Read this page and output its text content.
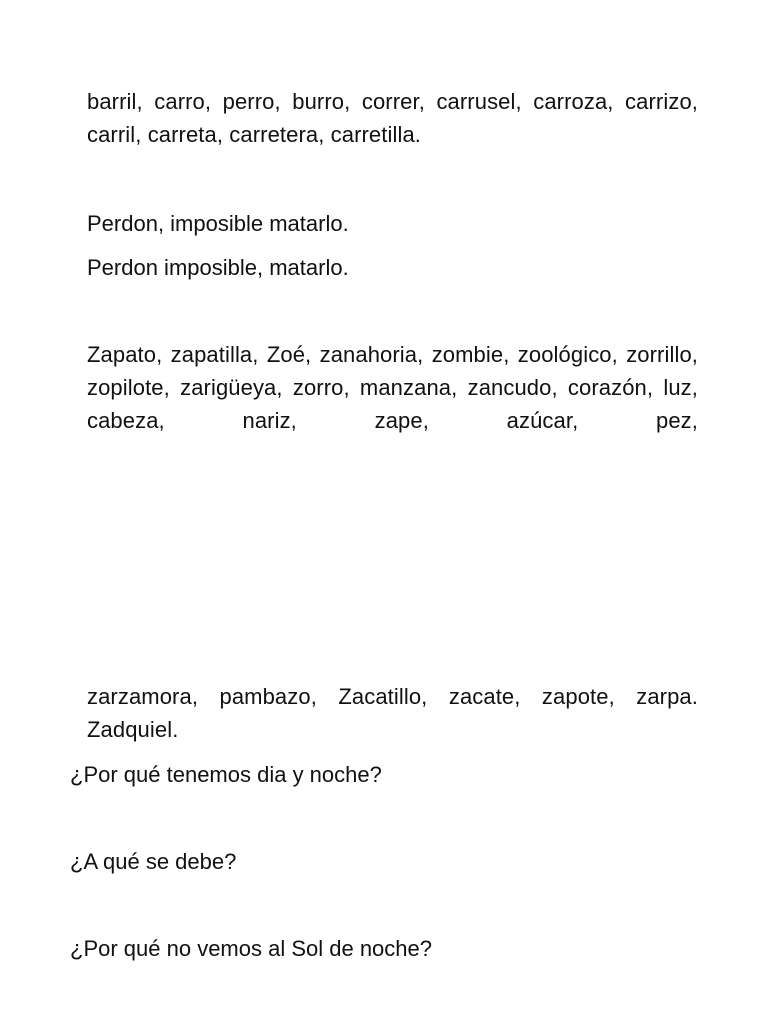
barril, carro, perro, burro, correr, carrusel, carroza, carrizo, carril, carreta, carretera, carretilla.

Perdon, imposible matarlo.

Perdon imposible, matarlo.

Zapato, zapatilla, Zoé, zanahoria, zombie, zoológico, zorrillo, zopilote, zarigüeya, zorro, manzana, zancudo, corazón, luz, cabeza, nariz, zape, azúcar, pez,

zarzamora, pambazo, Zacatillo, zacate, zapote, zarpa. Zadquiel.

¿Por qué tenemos dia y noche?

¿A qué se debe?

¿Por qué no vemos al Sol de noche?
